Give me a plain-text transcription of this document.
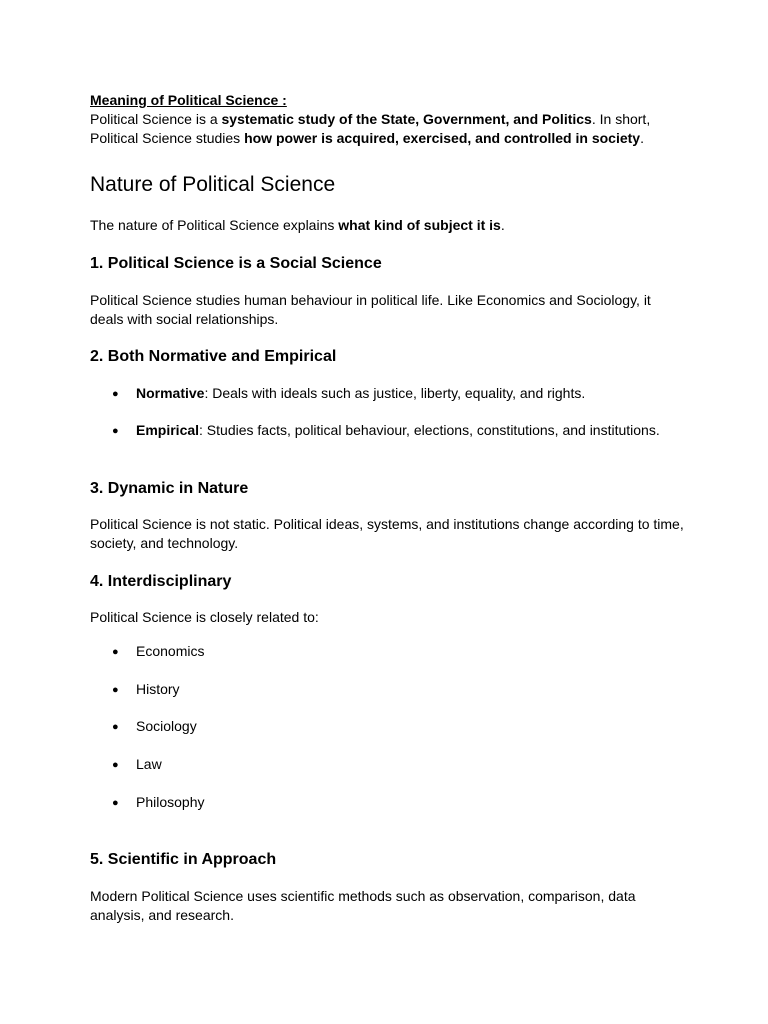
Meaning of Political Science :

Political Science is a systematic study of the State, Government, and Politics. In short,

Political Science studies how power is acquired, exercised, and controlled in society.

Nature of Political Science

The nature of Political Science explains what kind of subject it is.

1. Political Science is a Social Science

Political Science studies human behaviour in political life. Like Economics and Sociology, it

deals with social relationships.

2. Both Normative and Empirical
● Normative: Deals with ideals such as justice, liberty, equality, and rights.
● Empirical: Studies facts, political behaviour, elections, constitutions, and institutions.
3. Dynamic in Nature

Political Science is not static. Political ideas, systems, and institutions change according to time,

society, and technology.

4. Interdisciplinary

Political Science is closely related to:

● Economics
● History
● Sociology
● Law
● Philosophy
5. Scientific in Approach

Modern Political Science uses scientific methods such as observation, comparison, data

analysis, and research.
